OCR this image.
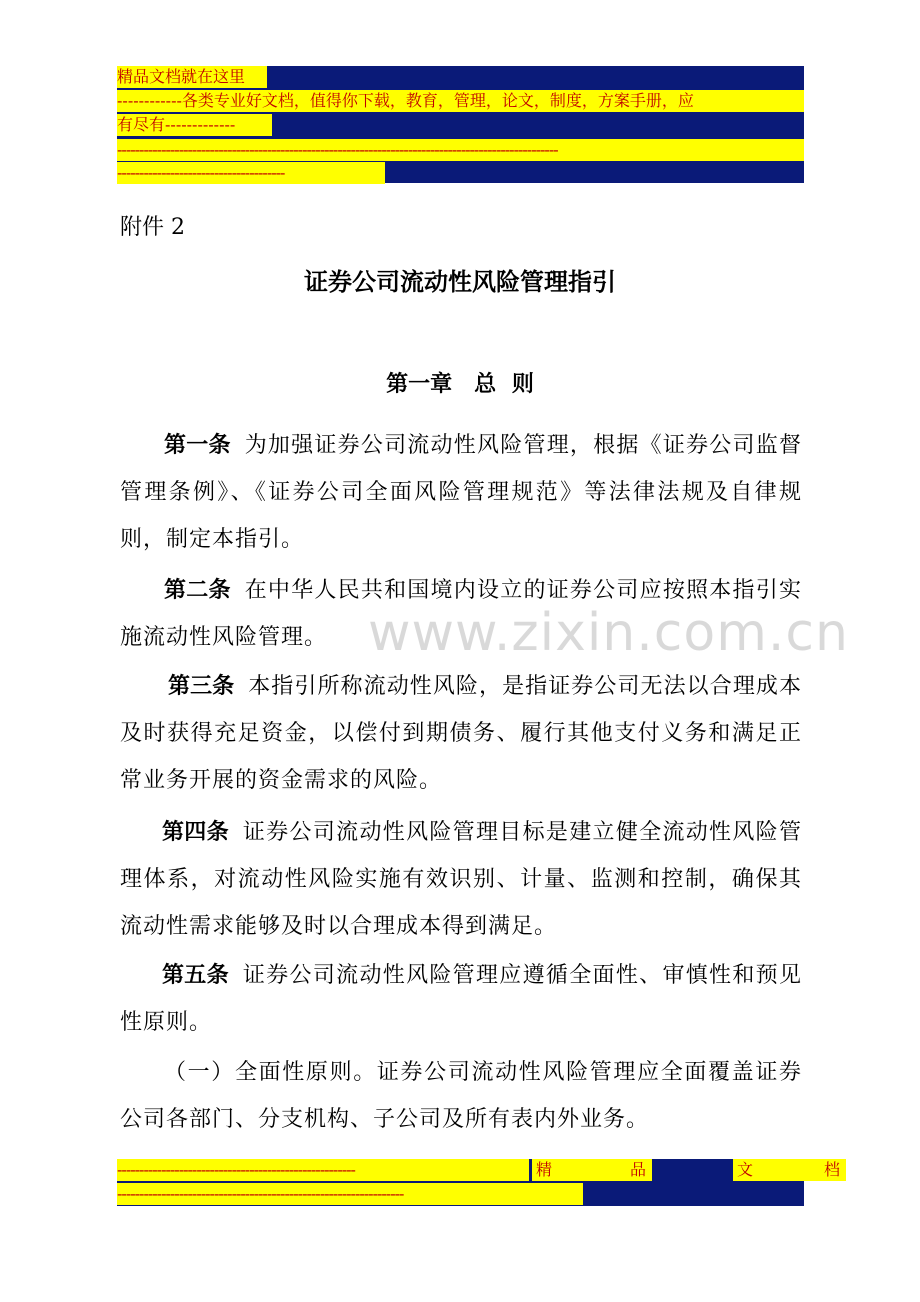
精品文档就在这里
------------各类专业好文档，值得你下载，教育，管理，论文，制度，方案手册，应
有尽有-------------
----------------------------------------------------------------------------------------------------
--------------------------------------
附件 2
证券公司流动性风险管理指引
第一章　总 则
第一条 为加强证券公司流动性风险管理，根据《证券公司监督管理条例》、《证券公司全面风险管理规范》等法律法规及自律规则，制定本指引。
第二条 在中华人民共和国境内设立的证券公司应按照本指引实施流动性风险管理。
第三条 本指引所称流动性风险，是指证券公司无法以合理成本及时获得充足资金，以偿付到期债务、履行其他支付义务和满足正常业务开展的资金需求的风险。
第四条 证券公司流动性风险管理目标是建立健全流动性风险管理体系，对流动性风险实施有效识别、计量、监测和控制，确保其流动性需求能够及时以合理成本得到满足。
第五条 证券公司流动性风险管理应遵循全面性、审慎性和预见性原则。
（一）全面性原则。证券公司流动性风险管理应全面覆盖证券公司各部门、分支机构、子公司及所有表内外业务。
www.zixin.com.cn
------------------------------------------------------	精	品	文	档
-----------------------------------------------------------------
